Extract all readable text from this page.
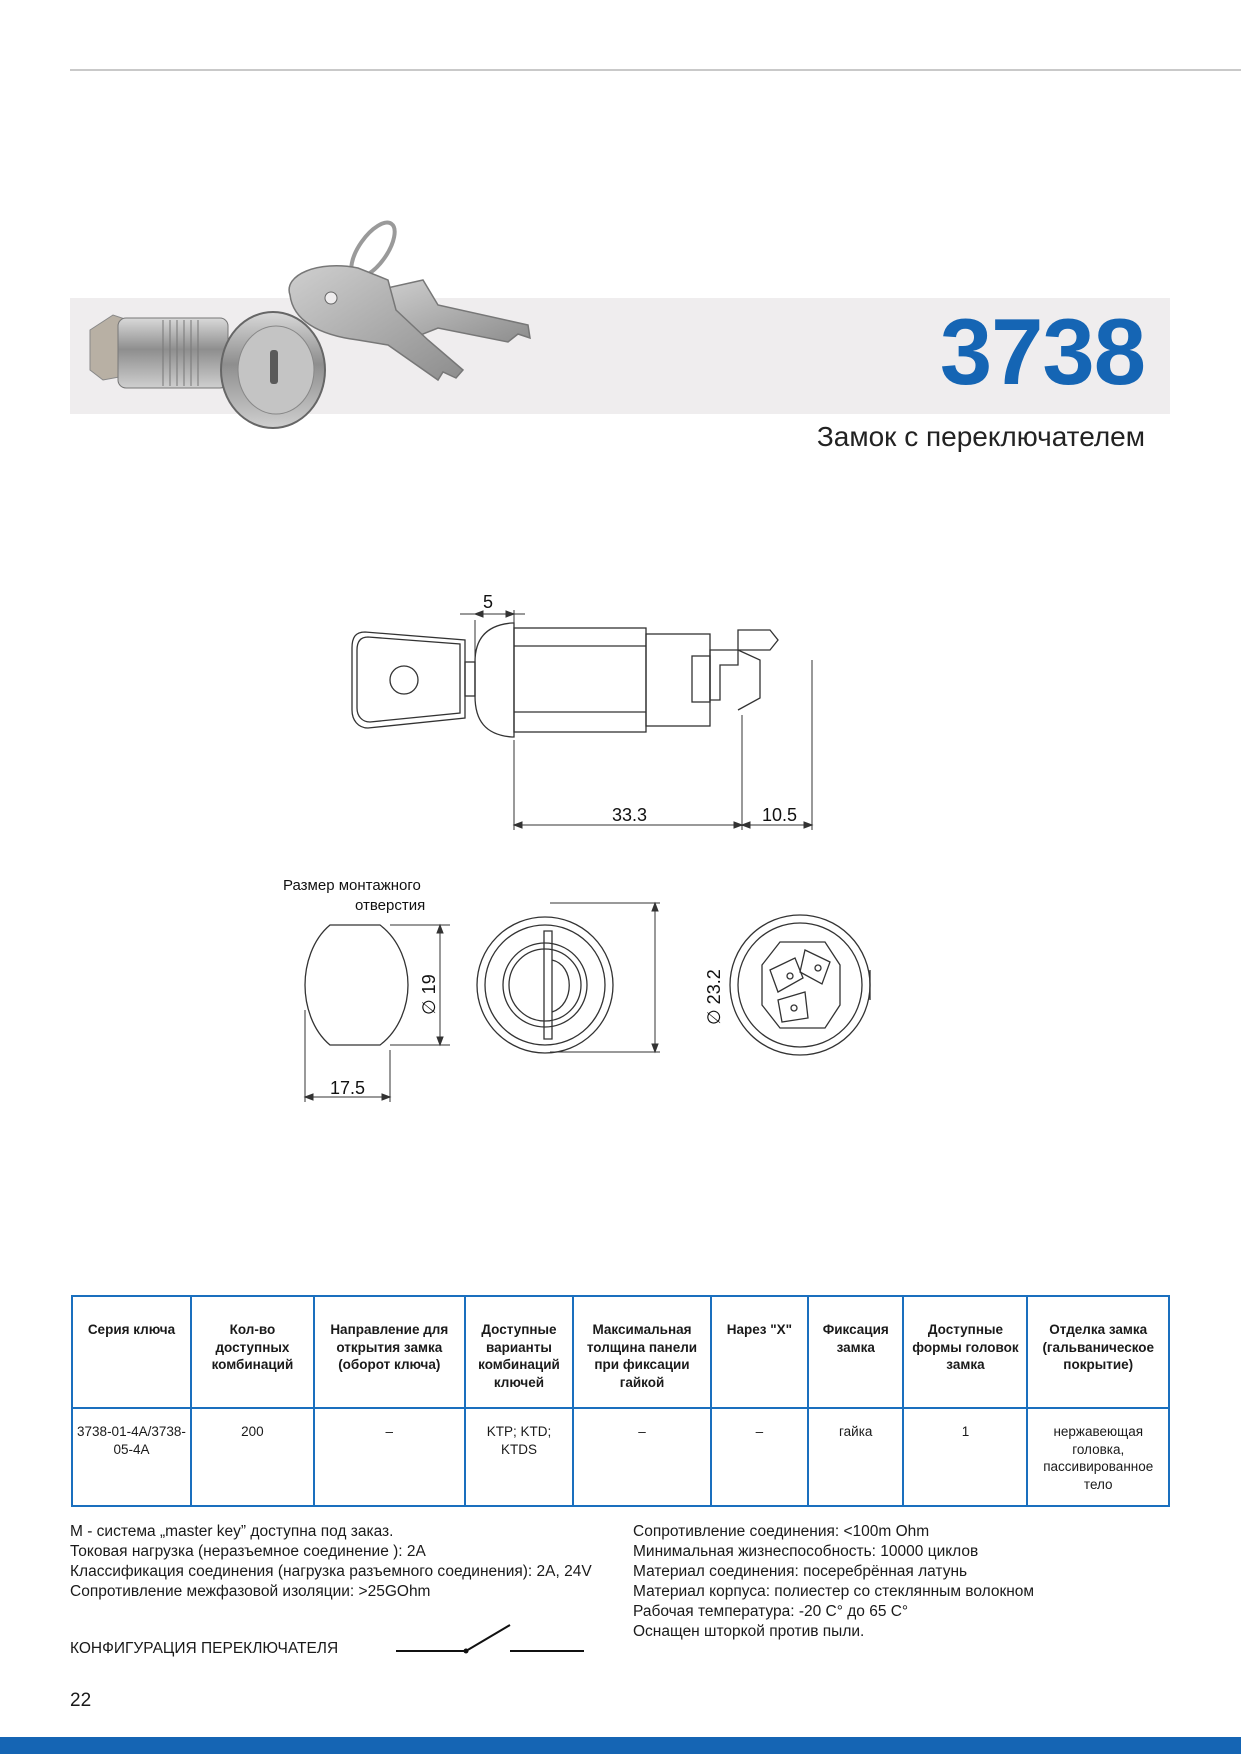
3738
Замок с переключателем
5
33.3	10.5
Размер монтажного
отверстия
∅ 19
17.5
∅ 23.2
Серия ключа	Кол-во доступных комбинаций	Направление для открытия замка (оборот ключа)	Доступные варианты комбинаций ключей	Максимальная толщина панели при фиксации гайкой	Нарез "X"	Фиксация замка	Доступные формы головок замка	Отделка замка (гальваническое покрытие)
3738-01-4A/3738-05-4A	200	–	KTP; KTD; KTDS	–	–	гайка	1	нержавеющая головка, пассивированное тело
M - система „master key” доступна под заказ.
Токовая нагрузка (неразъемное соединение ): 2A
Классификация соединения (нагрузка разъемного соединения): 2A, 24V
Сопротивление межфазовой изоляции: >25GOhm
Сопротивление соединения: <100m Ohm
Минимальная жизнеспособность: 10000 циклов
Материал соединения: посеребрённая латунь
Материал корпуса: полиестер со стеклянным волокном
Рабочая температура: -20 C° до 65 C°
Оснащен шторкой против пыли.
КОНФИГУРАЦИЯ ПЕРЕКЛЮЧАТЕЛЯ
22
